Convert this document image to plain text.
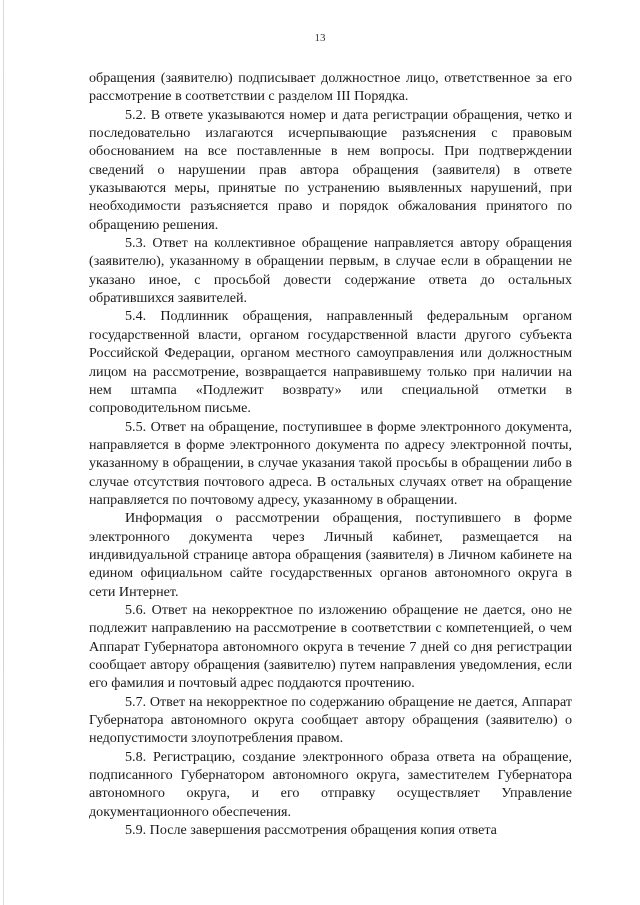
13

обращения (заявителю) подписывает должностное лицо, ответственное за его рассмотрение в соответствии с разделом III Порядка.

5.2. В ответе указываются номер и дата регистрации обращения, четко и последовательно излагаются исчерпывающие разъяснения с правовым обоснованием на все поставленные в нем вопросы. При подтверждении сведений о нарушении прав автора обращения (заявителя) в ответе указываются меры, принятые по устранению выявленных нарушений, при необходимости разъясняется право и порядок обжалования принятого по обращению решения.

5.3. Ответ на коллективное обращение направляется автору обращения (заявителю), указанному в обращении первым, в случае если в обращении не указано иное, с просьбой довести содержание ответа до остальных обратившихся заявителей.

5.4. Подлинник обращения, направленный федеральным органом государственной власти, органом государственной власти другого субъекта Российской Федерации, органом местного самоуправления или должностным лицом на рассмотрение, возвращается направившему только при наличии на нем штампа «Подлежит возврату» или специальной отметки в сопроводительном письме.

5.5. Ответ на обращение, поступившее в форме электронного документа, направляется в форме электронного документа по адресу электронной почты, указанному в обращении, в случае указания такой просьбы в обращении либо в случае отсутствия почтового адреса. В остальных случаях ответ на обращение направляется по почтовому адресу, указанному в обращении.

Информация о рассмотрении обращения, поступившего в форме электронного документа через Личный кабинет, размещается на индивидуальной странице автора обращения (заявителя) в Личном кабинете на едином официальном сайте государственных органов автономного округа в сети Интернет.

5.6. Ответ на некорректное по изложению обращение не дается, оно не подлежит направлению на рассмотрение в соответствии с компетенцией, о чем Аппарат Губернатора автономного округа в течение 7 дней со дня регистрации сообщает автору обращения (заявителю) путем направления уведомления, если его фамилия и почтовый адрес поддаются прочтению.

5.7. Ответ на некорректное по содержанию обращение не дается, Аппарат Губернатора автономного округа сообщает автору обращения (заявителю) о недопустимости злоупотребления правом.

5.8. Регистрацию, создание электронного образа ответа на обращение, подписанного Губернатором автономного округа, заместителем Губернатора автономного округа, и его отправку осуществляет Управление документационного обеспечения.

5.9. После завершения рассмотрения обращения копия ответа
